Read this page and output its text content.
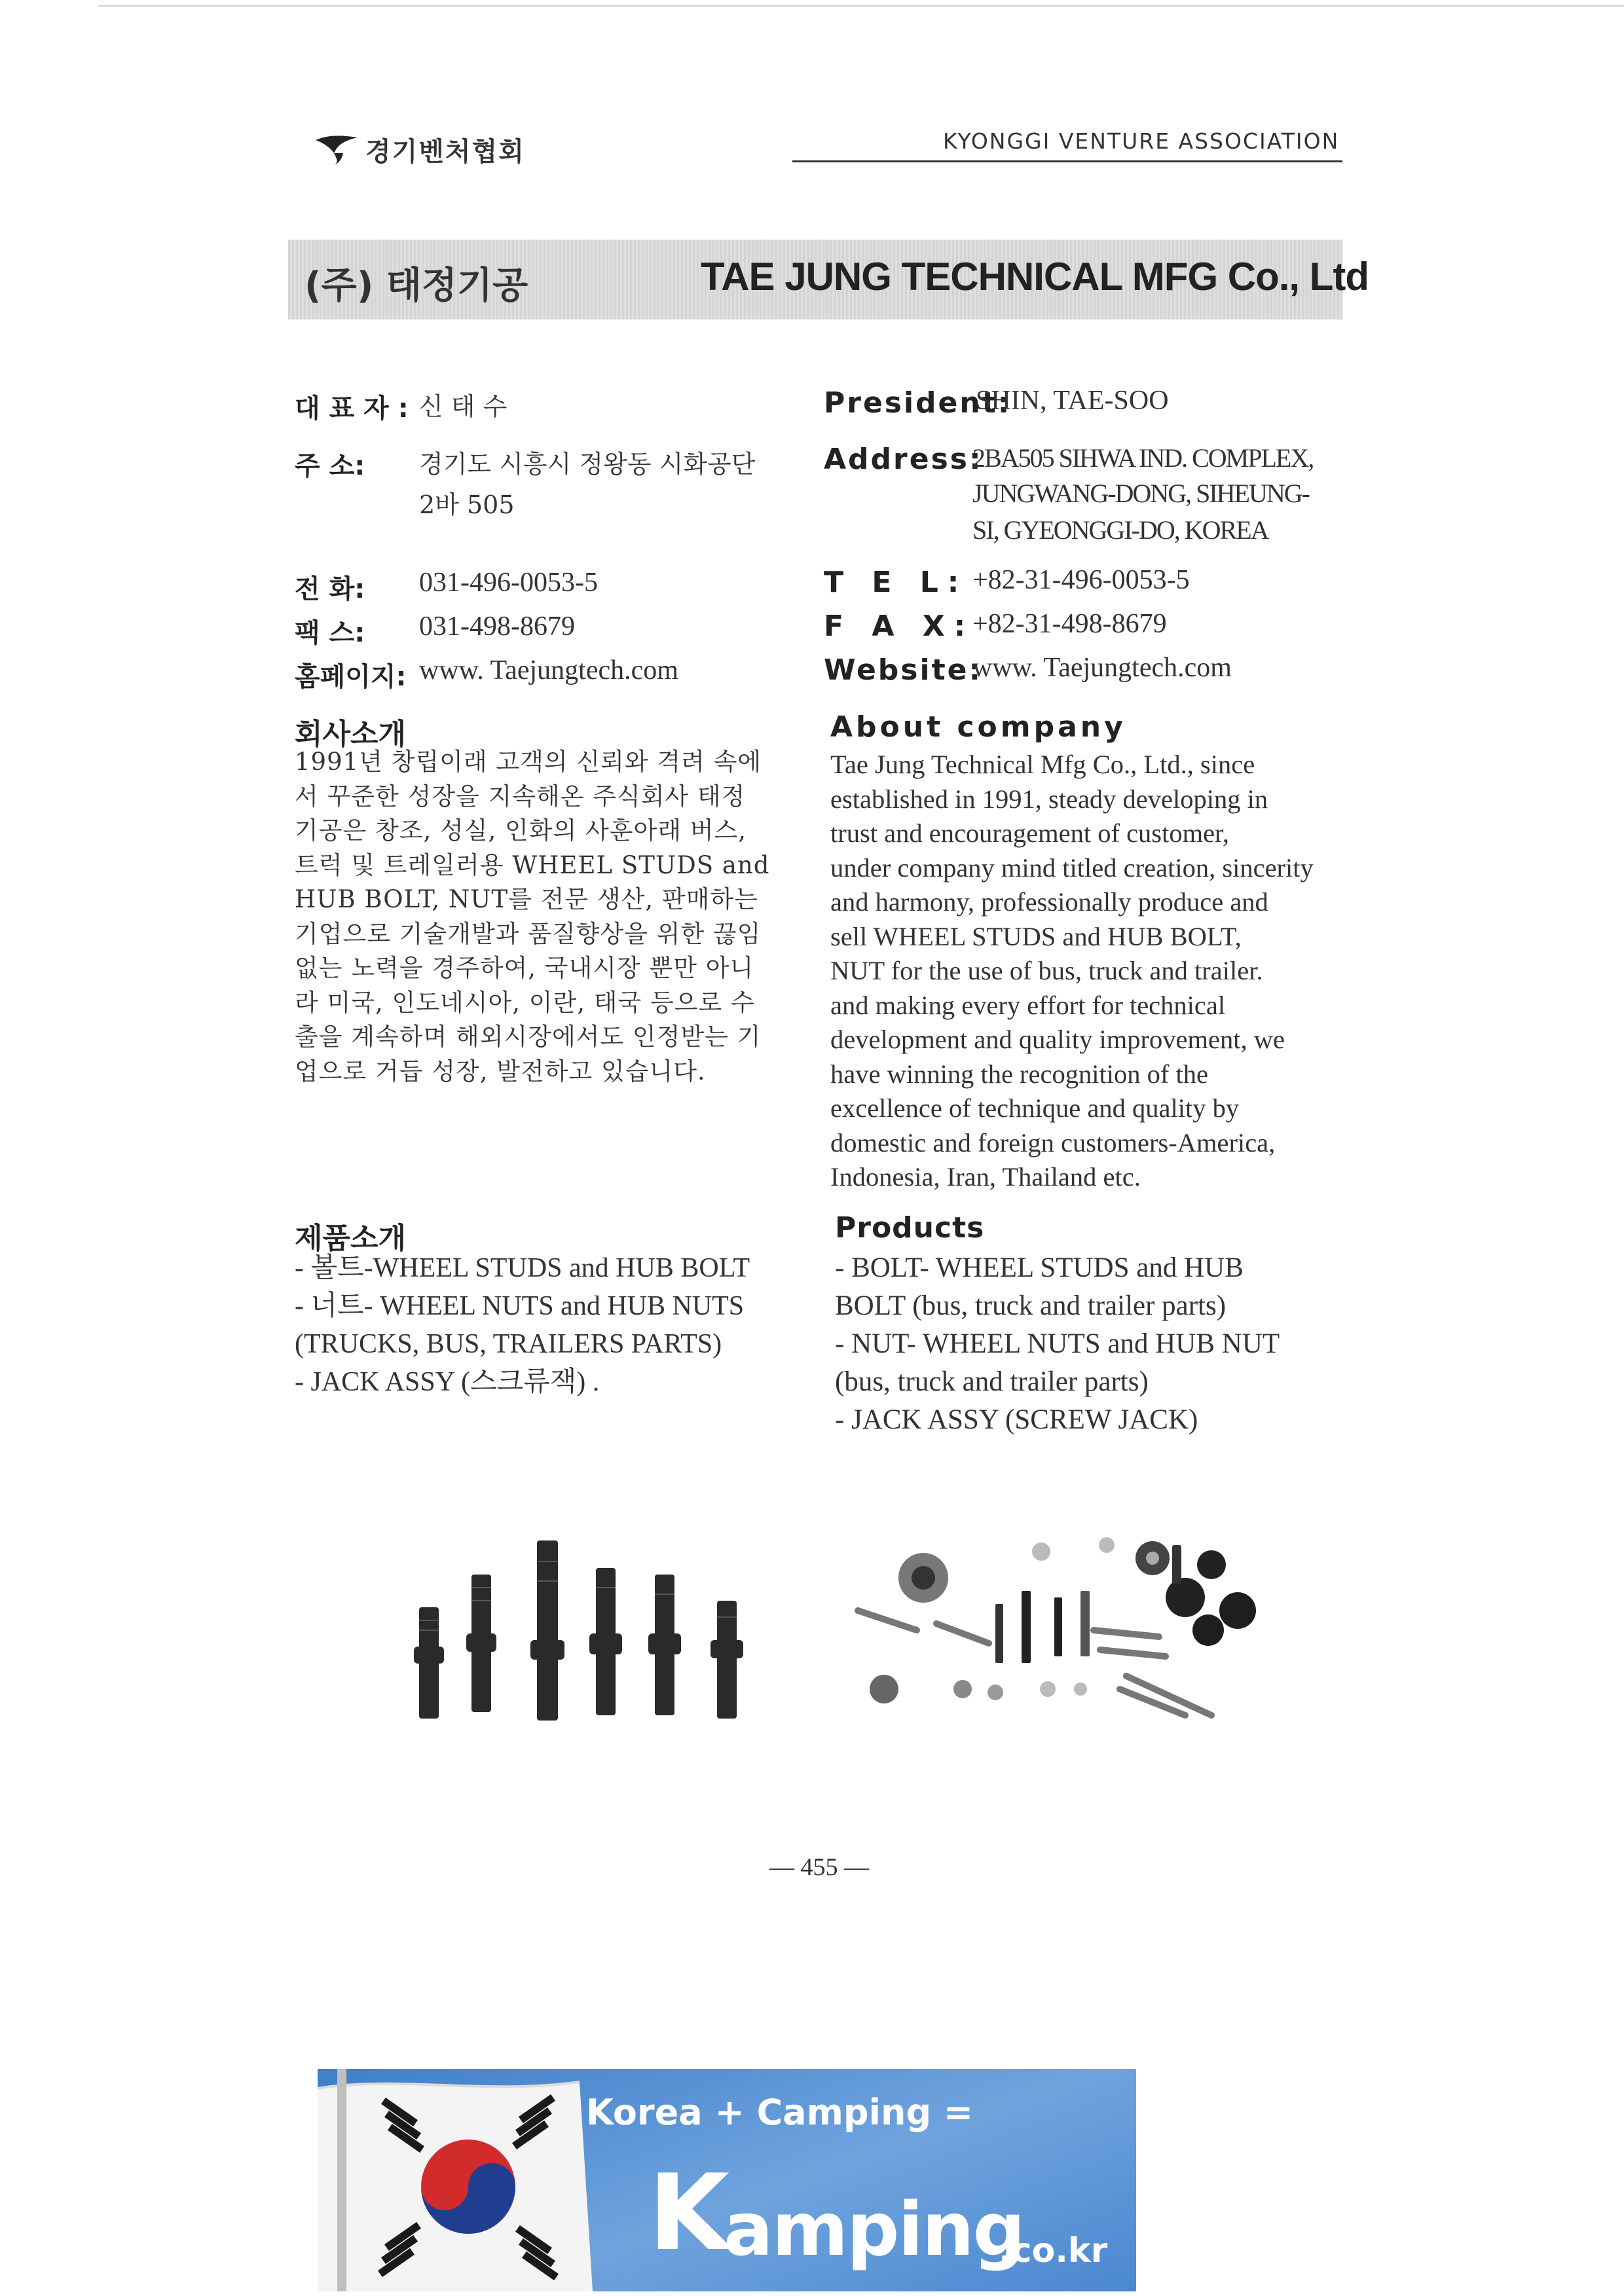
경기벤처협회	KYONGGI VENTURE ASSOCIATION
(주) 태정기공	TAE JUNG TECHNICAL MFG Co., Ltd
대 표 자 : 신 태 수
주 소: 경기도 시흥시 정왕동 시화공단
2바 505
전 화: 031-496-0053-5
팩 스: 031-498-8679
홈페이지: www. Taejungtech.com
President:
SHIN, TAE-SOO
Address:
2BA505 SIHWA IND. COMPLEX,
JUNGWANG-DONG, SIHEUNG-
SI, GYEONGGI-DO, KOREA
T E L: +82-31-496-0053-5
F A X:
+82-31-498-8679
Website:
www. Taejungtech.com
회사소개
1991년 창립이래 고객의 신뢰와 격려 속에
서 꾸준한 성장을 지속해온 주식회사 태정
기공은 창조, 성실, 인화의 사훈아래 버스,
트럭 및 트레일러용 WHEEL STUDS and
HUB BOLT, NUT를 전문 생산, 판매하는
기업으로 기술개발과 품질향상을 위한 끊임
없는 노력을 경주하여, 국내시장 뿐만 아니
라 미국, 인도네시아, 이란, 태국 등으로 수
출을 계속하며 해외시장에서도 인정받는 기
업으로 거듭 성장, 발전하고 있습니다.
About company
Tae Jung Technical Mfg Co., Ltd., since
established in 1991, steady developing in
trust and encouragement of customer,
under company mind titled creation, sincerity
and harmony, professionally produce and
sell WHEEL STUDS and HUB BOLT,
NUT for the use of bus, truck and trailer.
and making every effort for technical
development and quality improvement, we
have winning the recognition of the
excellence of technique and quality by
domestic and foreign customers-America,
Indonesia, Iran, Thailand etc.
제품소개
- 볼트-WHEEL STUDS and HUB BOLT
- 너트- WHEEL NUTS and HUB NUTS
(TRUCKS, BUS, TRAILERS PARTS)
- JACK ASSY (스크류잭) .
Products
- BOLT- WHEEL STUDS and HUB
BOLT (bus, truck and trailer parts)
- NUT- WHEEL NUTS and HUB NUT
(bus, truck and trailer parts)
- JACK ASSY (SCREW JACK)
— 455 —
Korea + Camping =
K
amping
.co.kr
